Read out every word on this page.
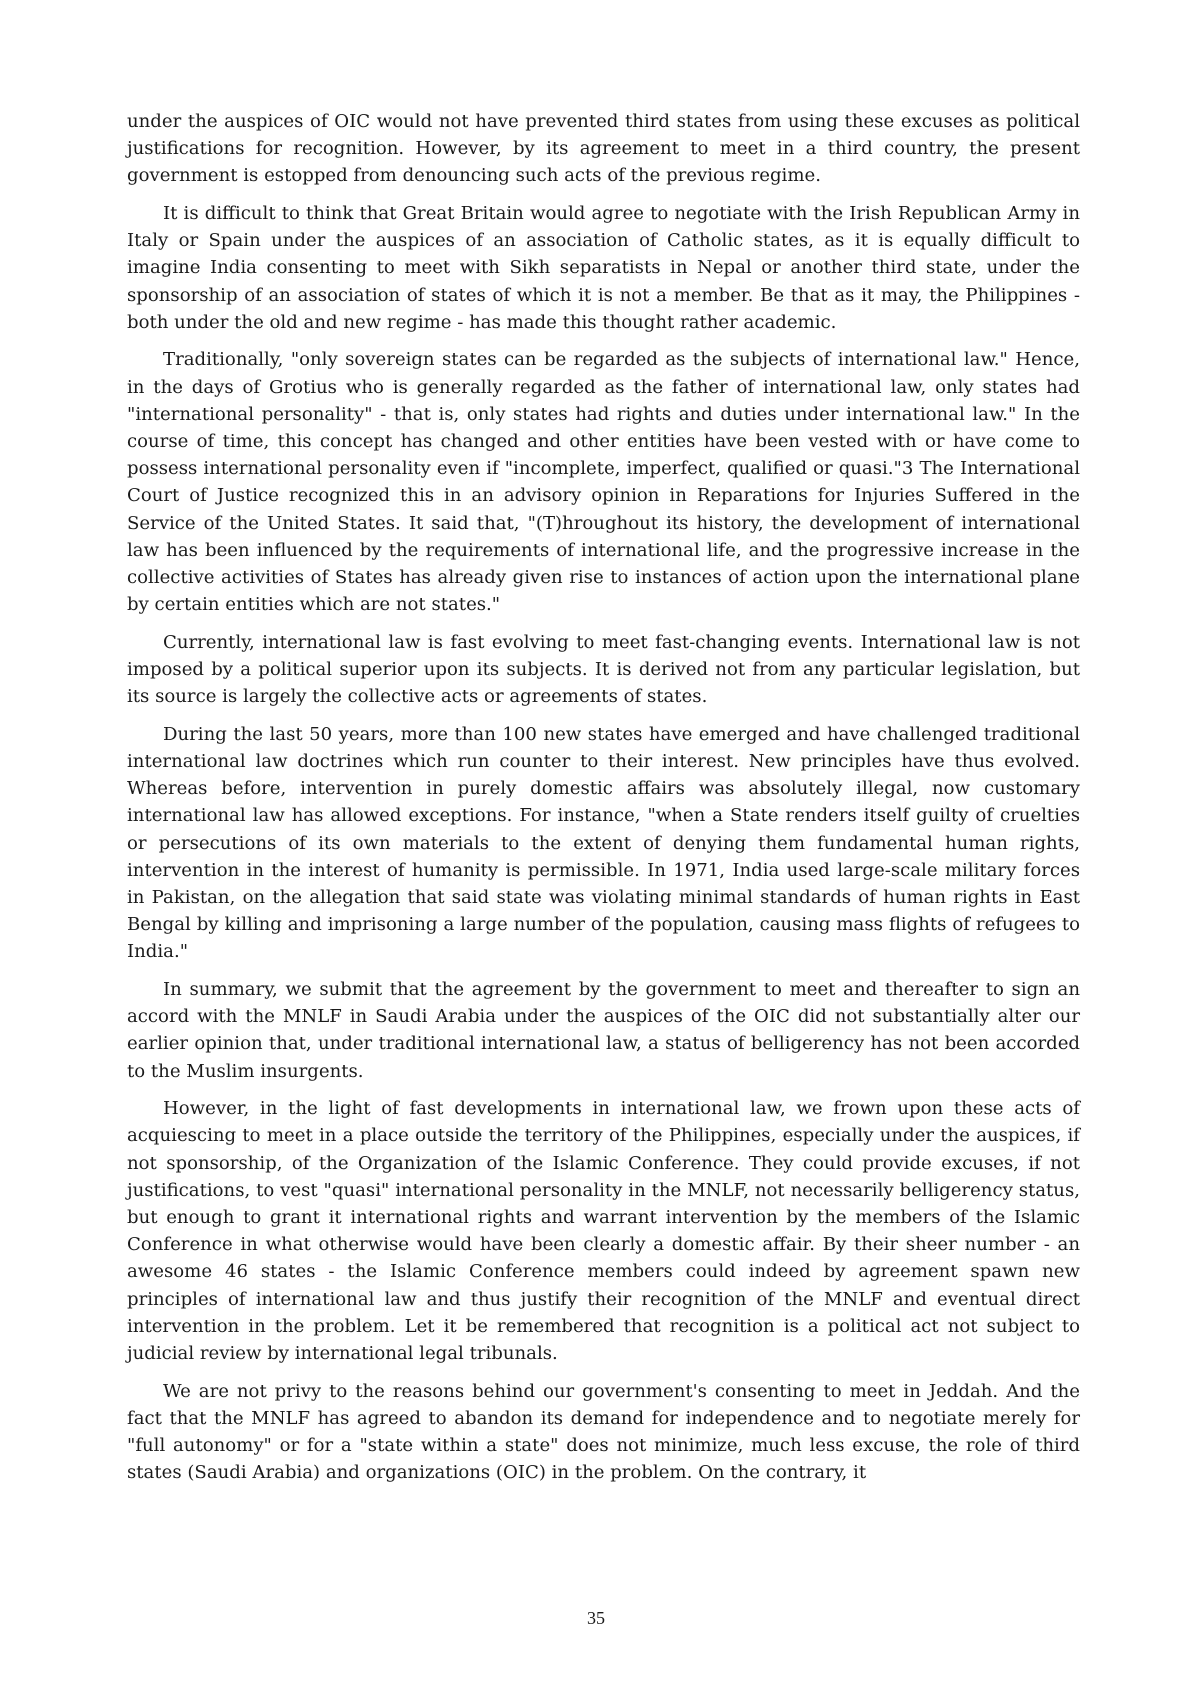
under the auspices of OIC would not have prevented third states from using these excuses as political justifications for recognition. However, by its agreement to meet in a third country, the present government is estopped from denouncing such acts of the previous regime.

It is difficult to think that Great Britain would agree to negotiate with the Irish Republican Army in Italy or Spain under the auspices of an association of Catholic states, as it is equally difficult to imagine India consenting to meet with Sikh separatists in Nepal or another third state, under the sponsorship of an association of states of which it is not a member. Be that as it may, the Philippines - both under the old and new regime - has made this thought rather academic.

Traditionally, "only sovereign states can be regarded as the subjects of international law." Hence, in the days of Grotius who is generally regarded as the father of international law, only states had "international personality" - that is, only states had rights and duties under international law." In the course of time, this concept has changed and other entities have been vested with or have come to possess international personality even if "incomplete, imperfect, qualified or quasi."3 The International Court of Justice recognized this in an advisory opinion in Reparations for Injuries Suffered in the Service of the United States. It said that, "(T)hroughout its history, the development of international law has been influenced by the requirements of international life, and the progressive increase in the collective activities of States has already given rise to instances of action upon the international plane by certain entities which are not states."

Currently, international law is fast evolving to meet fast-changing events. International law is not imposed by a political superior upon its subjects. It is derived not from any particular legislation, but its source is largely the collective acts or agreements of states.

During the last 50 years, more than 100 new states have emerged and have challenged traditional international law doctrines which run counter to their interest. New principles have thus evolved. Whereas before, intervention in purely domestic affairs was absolutely illegal, now customary international law has allowed exceptions. For instance, "when a State renders itself guilty of cruelties or persecutions of its own materials to the extent of denying them fundamental human rights, intervention in the interest of humanity is permissible. In 1971, India used large-scale military forces in Pakistan, on the allegation that said state was violating minimal standards of human rights in East Bengal by killing and imprisoning a large number of the population, causing mass flights of refugees to India."

In summary, we submit that the agreement by the government to meet and thereafter to sign an accord with the MNLF in Saudi Arabia under the auspices of the OIC did not substantially alter our earlier opinion that, under traditional international law, a status of belligerency has not been accorded to the Muslim insurgents.

However, in the light of fast developments in international law, we frown upon these acts of acquiescing to meet in a place outside the territory of the Philippines, especially under the auspices, if not sponsorship, of the Organization of the Islamic Conference. They could provide excuses, if not justifications, to vest "quasi" international personality in the MNLF, not necessarily belligerency status, but enough to grant it international rights and warrant intervention by the members of the Islamic Conference in what otherwise would have been clearly a domestic affair. By their sheer number - an awesome 46 states - the Islamic Conference members could indeed by agreement spawn new principles of international law and thus justify their recognition of the MNLF and eventual direct intervention in the problem. Let it be remembered that recognition is a political act not subject to judicial review by international legal tribunals.

We are not privy to the reasons behind our government's consenting to meet in Jeddah. And the fact that the MNLF has agreed to abandon its demand for independence and to negotiate merely for "full autonomy" or for a "state within a state" does not minimize, much less excuse, the role of third states (Saudi Arabia) and organizations (OIC) in the problem. On the contrary, it

35
